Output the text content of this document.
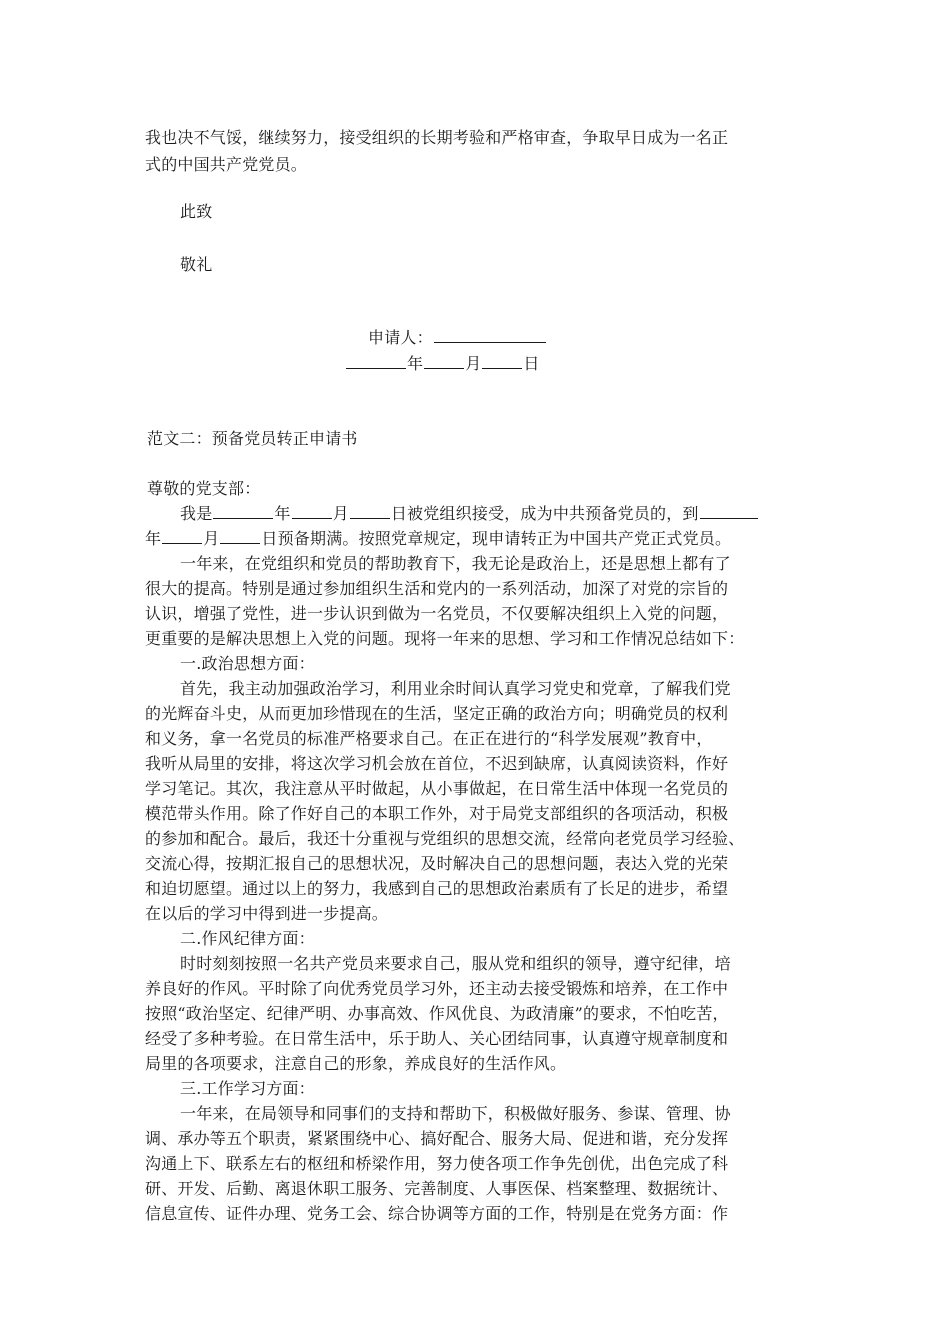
我也决不气馁，继续努力，接受组织的长期考验和严格审查，争取早日成为一名正
式的中国共产党党员。
此致
敬礼
申请人：
年	月	日
范文二：预备党员转正申请书
尊敬的党支部：
我是	年	月	日被党组织接受，成为中共预备党员的，到
年	月	日预备期满。按照党章规定，现申请转正为中国共产党正式党员。
一年来，在党组织和党员的帮助教育下，我无论是政治上，还是思想上都有了
很大的提高。特别是通过参加组织生活和党内的一系列活动，加深了对党的宗旨的
认识，增强了党性，进一步认识到做为一名党员，不仅要解决组织上入党的问题，
更重要的是解决思想上入党的问题。现将一年来的思想、学习和工作情况总结如下：
一.政治思想方面：
首先，我主动加强政治学习，利用业余时间认真学习党史和党章，了解我们党
的光辉奋斗史，从而更加珍惜现在的生活，坚定正确的政治方向；明确党员的权利
和义务，拿一名党员的标准严格要求自己。在正在进行的“科学发展观”教育中，
我听从局里的安排，将这次学习机会放在首位，不迟到缺席，认真阅读资料，作好
学习笔记。其次，我注意从平时做起，从小事做起，在日常生活中体现一名党员的
模范带头作用。除了作好自己的本职工作外，对于局党支部组织的各项活动，积极
的参加和配合。最后，我还十分重视与党组织的思想交流，经常向老党员学习经验、
交流心得，按期汇报自己的思想状况，及时解决自己的思想问题，表达入党的光荣
和迫切愿望。通过以上的努力，我感到自己的思想政治素质有了长足的进步，希望
在以后的学习中得到进一步提高。
二.作风纪律方面：
时时刻刻按照一名共产党员来要求自己，服从党和组织的领导，遵守纪律，培
养良好的作风。平时除了向优秀党员学习外，还主动去接受锻炼和培养，在工作中
按照“政治坚定、纪律严明、办事高效、作风优良、为政清廉”的要求，不怕吃苦，
经受了多种考验。在日常生活中，乐于助人、关心团结同事，认真遵守规章制度和
局里的各项要求，注意自己的形象，养成良好的生活作风。
三.工作学习方面：
一年来，在局领导和同事们的支持和帮助下，积极做好服务、参谋、管理、协
调、承办等五个职责，紧紧围绕中心、搞好配合、服务大局、促进和谐，充分发挥
沟通上下、联系左右的枢纽和桥梁作用，努力使各项工作争先创优，出色完成了科
研、开发、后勤、离退休职工服务、完善制度、人事医保、档案整理、数据统计、
信息宣传、证件办理、党务工会、综合协调等方面的工作，特别是在党务方面：作
